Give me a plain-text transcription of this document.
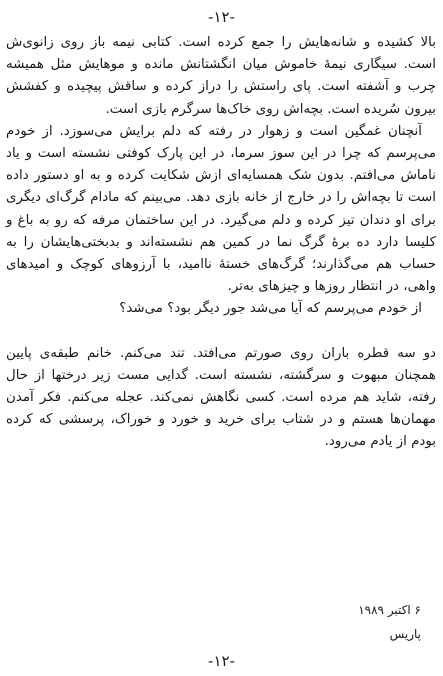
-۱۲-

بالا کشیده و شانه‌هایش را جمع کرده است. کتابی نیمه باز روی زانوی‌ش است. سیگاری نیمهٔ خاموش میان انگشتانش مانده و موهایش مثل همیشه چرب و آشفته است. پای راستش را دراز کرده و ساقش پیچیده و کفشش بیرون سُریده است. بچه‌اش روی خاک‌ها سرگرم بازی است.

آنچنان غمگین است و زهوار در رفته که دلم برایش می‌سوزد. از خودم می‌پرسم که چرا در این سوز سرما، در این پارک کوفتی نشسته است و یاد ناماش می‌افتم. بدون شک همسایه‌ای ازش شکایت کرده و به او دستور داده است تا بچه‌اش را در خارج از خانه بازی دهد. می‌بینم که مادام گرگ‌ای دیگری برای او دندان تیز کرده و دلم می‌گیرد. در این ساختمان مرفه که رو به باغ و کلیسا دارد ده برهٔ گرگ نما در کمین هم نشسته‌اند و بدبختی‌هایشان را به حساب هم می‌گذارند؛ گرگ‌های خستهٔ ناامید، با آرزوهای کوچک و امیدهای واهی، در انتظار روزها و چیزهای به‌تر.

از خودم می‌پرسم که آیا می‌شد جور دیگر بود؟ می‌شد؟

دو سه قطره باران روی صورتم می‌افتد. تند می‌کنم. خانم طبقه‌ی پایین همچنان مبهوت و سرگشته، نشسته است. گدایی مست زیر درختها از حال رفته، شاید هم مرده است. کسی نگاهش نمی‌کند. عجله می‌کنم. فکر آمدن مهمان‌ها هستم و در شتاب برای خرید و خورد و خوراک، پرسشی که کرده بودم از یادم می‌رود.

۶ اکتبر ۱۹۸۹
پاریس
-۱۲-
